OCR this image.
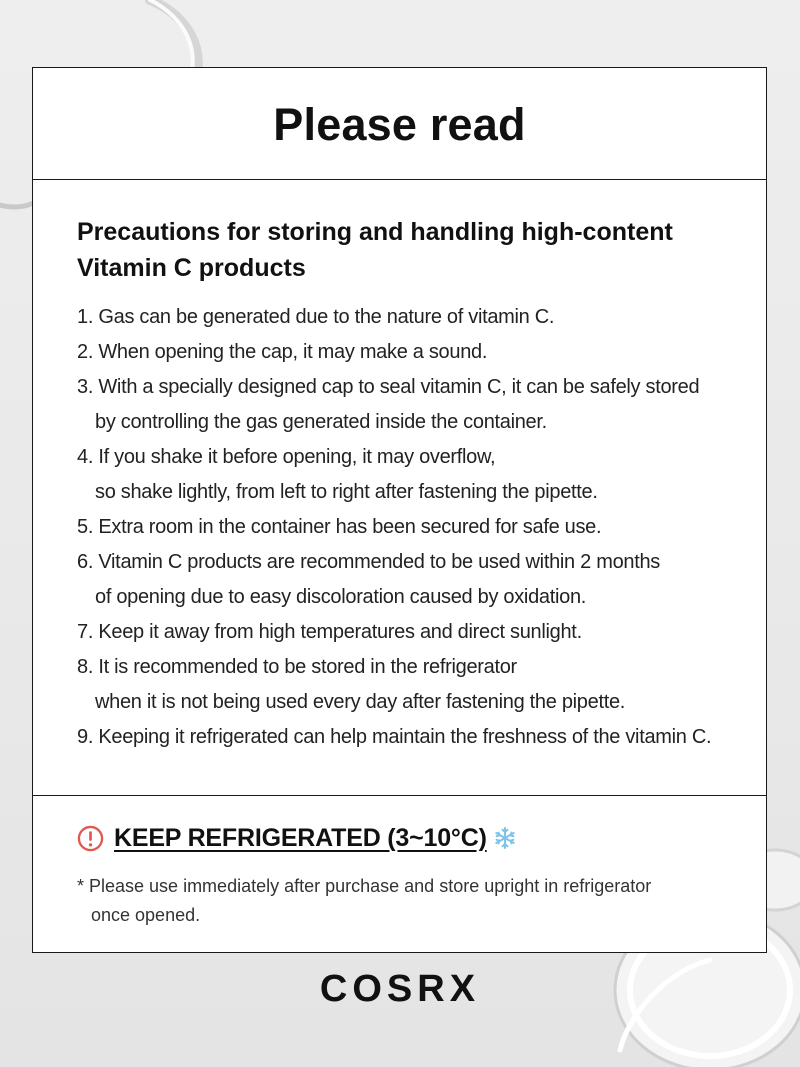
Please read
Precautions for storing and handling high-content
Vitamin C products
1. Gas can be generated due to the nature of vitamin C.
2. When opening the cap, it may make a sound.
3. With a specially designed cap to seal vitamin C, it can be safely stored
by controlling the gas generated inside the container.
4. If you shake it before opening, it may overflow,
so shake lightly, from left to right after fastening the pipette.
5. Extra room in the container has been secured for safe use.
6. Vitamin C products are recommended to be used within 2 months
of opening due to easy discoloration caused by oxidation.
7. Keep it away from high temperatures and direct sunlight.
8. It is recommended to be stored in the refrigerator
when it is not being used every day after fastening the pipette.
9. Keeping it refrigerated can help maintain the freshness of the vitamin C.
KEEP REFRIGERATED (3~10°C)
* Please use immediately after purchase and store upright in refrigerator
once opened.
COSRX
